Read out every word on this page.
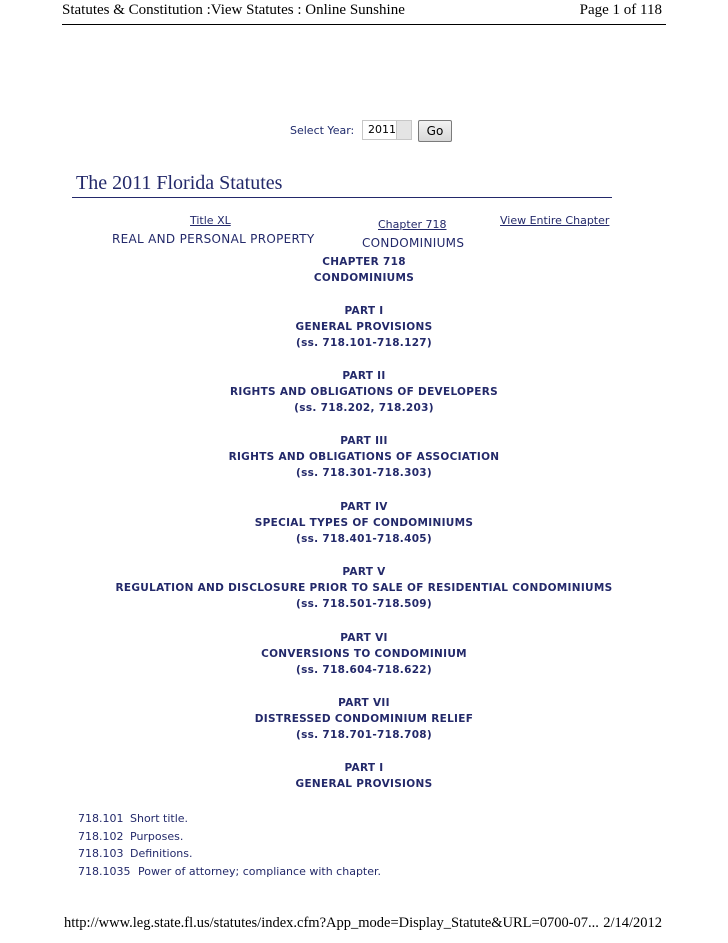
Statutes & Constitution :View Statutes : Online Sunshine	Page 1 of 118
Select Year: 2011	Go
The 2011 Florida Statutes
Title XL
REAL AND PERSONAL PROPERTY
Chapter 718
CONDOMINIUMS
View Entire Chapter
CHAPTER 718
CONDOMINIUMS
PART I
GENERAL PROVISIONS
(ss. 718.101-718.127)
PART II
RIGHTS AND OBLIGATIONS OF DEVELOPERS
(ss. 718.202, 718.203)
PART III
RIGHTS AND OBLIGATIONS OF ASSOCIATION
(ss. 718.301-718.303)
PART IV
SPECIAL TYPES OF CONDOMINIUMS
(ss. 718.401-718.405)
PART V
REGULATION AND DISCLOSURE PRIOR TO SALE OF RESIDENTIAL CONDOMINIUMS
(ss. 718.501-718.509)
PART VI
CONVERSIONS TO CONDOMINIUM
(ss. 718.604-718.622)
PART VII
DISTRESSED CONDOMINIUM RELIEF
(ss. 718.701-718.708)
PART I
GENERAL PROVISIONS
718.101 Short title.
718.102 Purposes.
718.103 Definitions.
718.1035 Power of attorney; compliance with chapter.
http://www.leg.state.fl.us/statutes/index.cfm?App_mode=Display_Statute&URL=0700-07... 2/14/2012
